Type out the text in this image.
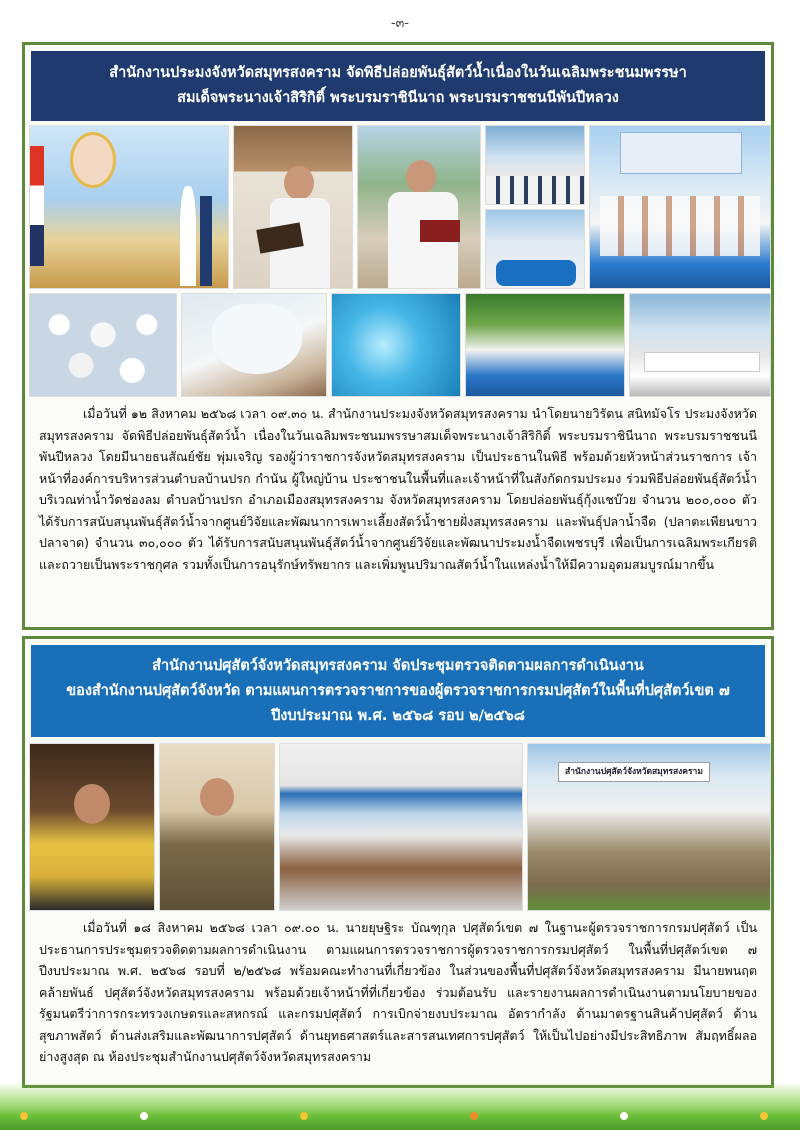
-๓-
สำนักงานประมงจังหวัดสมุทรสงคราม จัดพิธีปล่อยพันธุ์สัตว์น้ำเนื่องในวันเฉลิมพระชนมพรรษา
สมเด็จพระนางเจ้าสิริกิติ์ พระบรมราชินีนาถ พระบรมราชชนนีพันปีหลวง

เมื่อวันที่ ๑๒ สิงหาคม ๒๕๖๘ เวลา ๐๙.๓๐ น. สำนักงานประมงจังหวัดสมุทรสงคราม นำโดยนายวิรัตน สนิทมัจโร ประมงจังหวัดสมุทรสงคราม จัดพิธีปล่อยพันธุ์สัตว์น้ำ เนื่องในวันเฉลิมพระชนมพรรษาสมเด็จพระนางเจ้าสิริกิติ์ พระบรมราชินีนาถ พระบรมราชชนนีพันปีหลวง โดยมีนายธนสัณย์ชัย พุ่มเจริญ รองผู้ว่าราชการจังหวัดสมุทรสงคราม เป็นประธานในพิธี พร้อมด้วยหัวหน้าส่วนราชการ เจ้าหน้าที่องค์การบริหารส่วนตำบลบ้านปรก กำนัน ผู้ใหญ่บ้าน ประชาชนในพื้นที่และเจ้าหน้าที่ในสังกัดกรมประมง ร่วมพิธีปล่อยพันธุ์สัตว์น้ำ บริเวณท่าน้ำวัดช่องลม ตำบลบ้านปรก อำเภอเมืองสมุทรสงคราม จังหวัดสมุทรสงคราม โดยปล่อยพันธุ์กุ้งแชบ๊วย จำนวน ๒๐๐,๐๐๐ ตัว ได้รับการสนับสนุนพันธุ์สัตว์น้ำจากศูนย์วิจัยและพัฒนาการเพาะเลี้ยงสัตว์น้ำชายฝั่งสมุทรสงคราม และพันธุ์ปลาน้ำจืด (ปลาตะเพียนขาว ปลาจาด) จำนวน ๓๐,๐๐๐ ตัว ได้รับการสนับสนุนพันธุ์สัตว์น้ำจากศูนย์วิจัยและพัฒนาประมงน้ำจืดเพชรบุรี เพื่อเป็นการเฉลิมพระเกียรติ และถวายเป็นพระราชกุศล รวมทั้งเป็นการอนุรักษ์ทรัพยากร และเพิ่มพูนปริมาณสัตว์น้ำในแหล่งน้ำให้มีความอุดมสมบูรณ์มากขึ้น

สำนักงานปศุสัตว์จังหวัดสมุทรสงคราม จัดประชุมตรวจติดตามผลการดำเนินงาน
ของสำนักงานปศุสัตว์จังหวัด ตามแผนการตรวจราชการของผู้ตรวจราชการกรมปศุสัตว์ในพื้นที่ปศุสัตว์เขต ๗
ปีงบประมาณ พ.ศ. ๒๕๖๘ รอบ ๒/๒๕๖๘
สำนักงานปศุสัตว์จังหวัดสมุทรสงคราม

เมื่อวันที่ ๑๘ สิงหาคม ๒๕๖๘ เวลา ๐๙.๐๐ น. นายยุษฐิระ บัณฑุกุล ปศุสัตว์เขต ๗ ในฐานะผู้ตรวจราชการกรมปศุสัตว์ เป็นประธานการประชุมตรวจติดตามผลการดำเนินงาน ตามแผนการตรวจราชการผู้ตรวจราชการกรมปศุสัตว์ ในพื้นที่ปศุสัตว์เขต ๗ ปีงบประมาณ พ.ศ. ๒๕๖๘ รอบที่ ๒/๒๕๖๘ พร้อมคณะทำงานที่เกี่ยวข้อง ในส่วนของพื้นที่ปศุสัตว์จังหวัดสมุทรสงคราม มีนายพนฤต คล้ายพันธ์ ปศุสัตว์จังหวัดสมุทรสงคราม พร้อมด้วยเจ้าหน้าที่ที่เกี่ยวข้อง ร่วมต้อนรับ และรายงานผลการดำเนินงานตามนโยบายของรัฐมนตรีว่าการกระทรวงเกษตรและสหกรณ์ และกรมปศุสัตว์ การเบิกจ่ายงบประมาณ อัตรากำลัง ด้านมาตรฐานสินค้าปศุสัตว์ ด้านสุขภาพสัตว์ ด้านส่งเสริมและพัฒนาการปศุสัตว์ ด้านยุทธศาสตร์และสารสนเทศการปศุสัตว์ ให้เป็นไปอย่างมีประสิทธิภาพ สัมฤทธิ์ผลอย่างสูงสุด ณ ห้องประชุมสำนักงานปศุสัตว์จังหวัดสมุทรสงคราม
